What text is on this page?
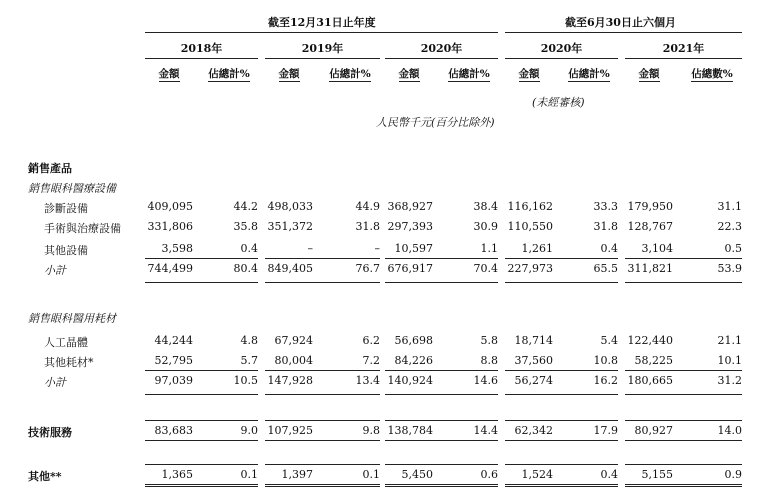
截至12月31日止年度	截至6月30日止六個月
2018年	2019年	2020年	2020年	2021年
金額	佔總計%	金額	佔總計%	金額	佔總計%	金額	佔總計%	金額	佔總數%
(未經審核)
人民幣千元(百分比除外)
銷售產品
銷售眼科醫療設備
診斷設備	409,095	44.2 498,033	44.9 368,927	38.4 116,162	33.3 179,950	31.1
手術與治療設備 331,806	35.8 351,372	31.8 297,393	30.9 110,550	31.8 128,767	22.3
其他設備	3,598	0.4	–	– 10,597	1.1 1,261	0.4 3,104	0.5
小計	744,499	80.4 849,405	76.7 676,917	70.4 227,973	65.5 311,821	53.9
銷售眼科醫用耗材
人工晶體	44,244	4.8 67,924	6.2 56,698	5.8 18,714	5.4 122,440	21.1
其他耗材*	52,795	5.7 80,004	7.2 84,226	8.8 37,560	10.8 58,225	10.1
小計	97,039	10.5 147,928	13.4 140,924	14.6 56,274	16.2 180,665	31.2
技術服務	83,683	9.0 107,925	9.8 138,784	14.4 62,342	17.9 80,927	14.0
其他**	1,365	0.1 1,397	0.1 5,450	0.6 1,524	0.4 5,155	0.9
